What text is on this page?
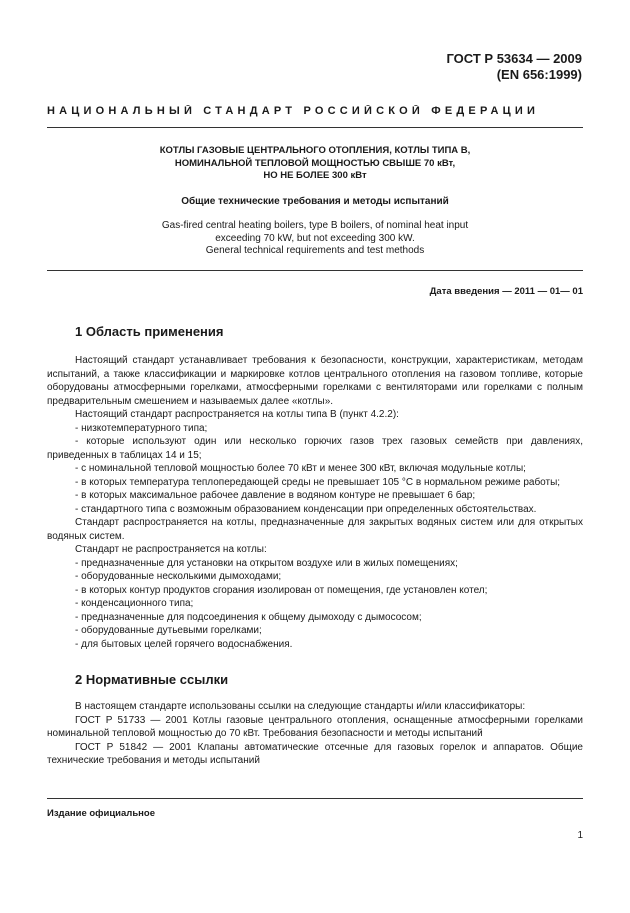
ГОСТ Р 53634 — 2009
(EN 656:1999)
НАЦИОНАЛЬНЫЙ СТАНДАРТ РОССИЙСКОЙ ФЕДЕРАЦИИ
КОТЛЫ ГАЗОВЫЕ ЦЕНТРАЛЬНОГО ОТОПЛЕНИЯ, КОТЛЫ ТИПА В,
НОМИНАЛЬНОЙ ТЕПЛОВОЙ МОЩНОСТЬЮ СВЫШЕ 70 кВт,
НО НЕ БОЛЕЕ 300 кВт
Общие технические требования и методы испытаний
Gas-fired central heating boilers, type B boilers, of nominal heat input
exceeding 70 kW, but not exceeding 300 kW.
General technical requirements and test methods
Дата введения — 2011 — 01— 01
1 Область применения

Настоящий стандарт устанавливает требования к безопасности, конструкции, характеристикам, методам испытаний, а также классификации и маркировке котлов центрального отопления на газовом топливе, которые оборудованы атмосферными горелками, атмосферными горелками с вентиляторами или горелками с полным предварительным смешением и называемых далее «котлы».

Настоящий стандарт распространяется на котлы типа В (пункт 4.2.2):

- низкотемпературного типа;

- которые используют один или несколько горючих газов трех газовых семейств при давлениях, приведенных в таблицах 14 и 15;

- с номинальной тепловой мощностью более 70 кВт и менее 300 кВт, включая модульные котлы;

- в которых температура теплопередающей среды не превышает 105 °С в нормальном режиме работы;

- в которых максимальное рабочее давление в водяном контуре не превышает 6 бар;

- стандартного типа с возможным образованием конденсации при определенных обстоятельствах.

Стандарт распространяется на котлы, предназначенные для закрытых водяных систем или для открытых водяных систем.

Стандарт не распространяется на котлы:

- предназначенные для установки на открытом воздухе или в жилых помещениях;

- оборудованные несколькими дымоходами;

- в которых контур продуктов сгорания изолирован от помещения, где установлен котел;

- конденсационного типа;

- предназначенные для подсоединения к общему дымоходу с дымососом;

- оборудованные дутьевыми горелками;

- для бытовых целей горячего водоснабжения.

2 Нормативные ссылки

В настоящем стандарте использованы ссылки на следующие стандарты и/или классификаторы:

ГОСТ Р 51733 — 2001 Котлы газовые центрального отопления, оснащенные атмосферными горелками номинальной тепловой мощностью до 70 кВт. Требования безопасности и методы испытаний

ГОСТ Р 51842 — 2001 Клапаны автоматические отсечные для газовых горелок и аппаратов. Общие технические требования и методы испытаний

Издание официальное
1
